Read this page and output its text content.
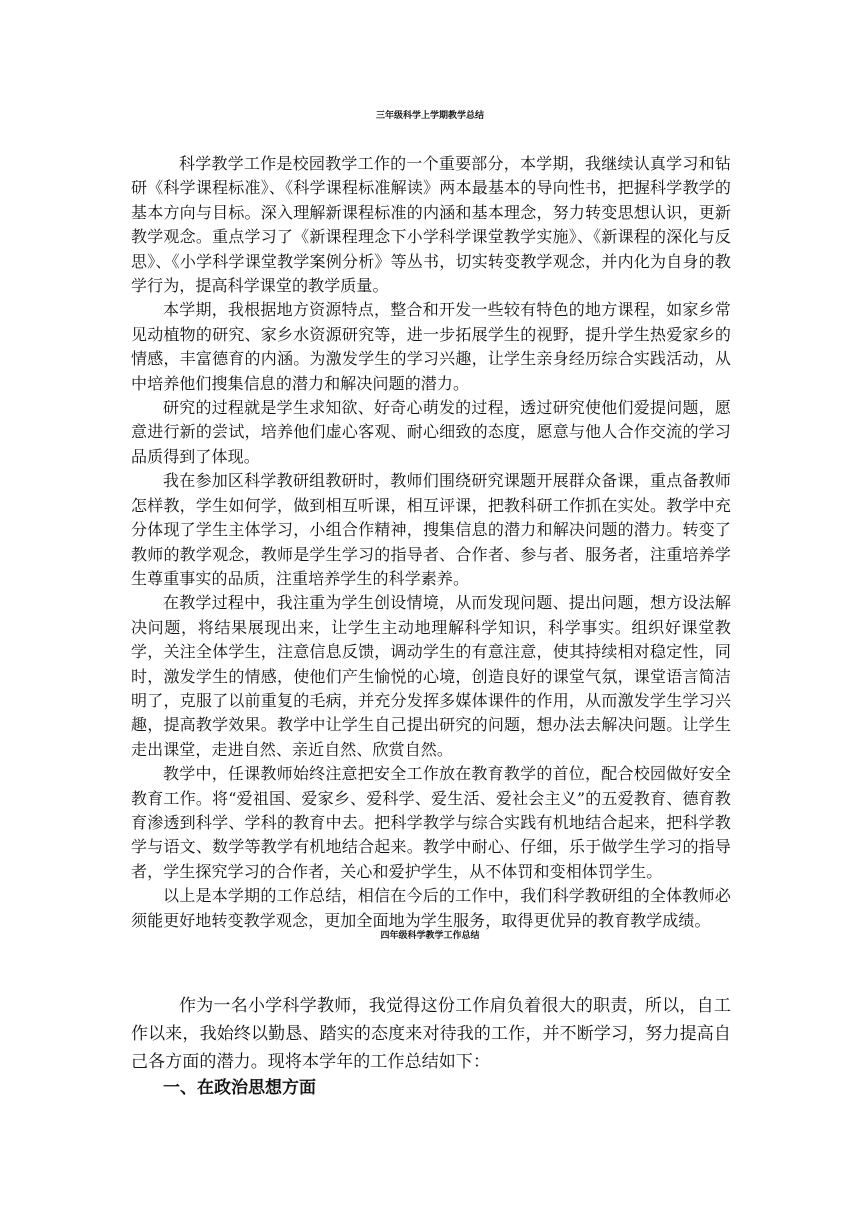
三年级科学上学期教学总结

科学教学工作是校园教学工作的一个重要部分，本学期，我继续认真学习和钻研《科学课程标准》、《科学课程标准解读》两本最基本的导向性书，把握科学教学的基本方向与目标。深入理解新课程标准的内涵和基本理念，努力转变思想认识，更新教学观念。重点学习了《新课程理念下小学科学课堂教学实施》、《新课程的深化与反思》、《小学科学课堂教学案例分析》等丛书，切实转变教学观念，并内化为自身的教学行为，提高科学课堂的教学质量。

本学期，我根据地方资源特点，整合和开发一些较有特色的地方课程，如家乡常见动植物的研究、家乡水资源研究等，进一步拓展学生的视野，提升学生热爱家乡的情感，丰富德育的内涵。为激发学生的学习兴趣，让学生亲身经历综合实践活动，从中培养他们搜集信息的潜力和解决问题的潜力。

研究的过程就是学生求知欲、好奇心萌发的过程，透过研究使他们爱提问题，愿意进行新的尝试，培养他们虚心客观、耐心细致的态度，愿意与他人合作交流的学习品质得到了体现。

我在参加区科学教研组教研时，教师们围绕研究课题开展群众备课，重点备教师怎样教，学生如何学，做到相互听课，相互评课，把教科研工作抓在实处。教学中充分体现了学生主体学习，小组合作精神，搜集信息的潜力和解决问题的潜力。转变了教师的教学观念，教师是学生学习的指导者、合作者、参与者、服务者，注重培养学生尊重事实的品质，注重培养学生的科学素养。

在教学过程中，我注重为学生创设情境，从而发现问题、提出问题，想方设法解决问题，将结果展现出来，让学生主动地理解科学知识，科学事实。组织好课堂教学，关注全体学生，注意信息反馈，调动学生的有意注意，使其持续相对稳定性，同时，激发学生的情感，使他们产生愉悦的心境，创造良好的课堂气氛，课堂语言简洁明了，克服了以前重复的毛病，并充分发挥多媒体课件的作用，从而激发学生学习兴趣，提高教学效果。教学中让学生自己提出研究的问题，想办法去解决问题。让学生走出课堂，走进自然、亲近自然、欣赏自然。

教学中，任课教师始终注意把安全工作放在教育教学的首位，配合校园做好安全教育工作。将“爱祖国、爱家乡、爱科学、爱生活、爱社会主义”的五爱教育、德育教育渗透到科学、学科的教育中去。把科学教学与综合实践有机地结合起来，把科学教学与语文、数学等教学有机地结合起来。教学中耐心、仔细，乐于做学生学习的指导者，学生探究学习的合作者，关心和爱护学生，从不体罚和变相体罚学生。

以上是本学期的工作总结，相信在今后的工作中，我们科学教研组的全体教师必须能更好地转变教学观念，更加全面地为学生服务，取得更优异的教育教学成绩。

四年级科学教学工作总结

作为一名小学科学教师，我觉得这份工作肩负着很大的职责，所以，自工作以来，我始终以勤恳、踏实的态度来对待我的工作，并不断学习，努力提高自己各方面的潜力。现将本学年的工作总结如下：

一、在政治思想方面
